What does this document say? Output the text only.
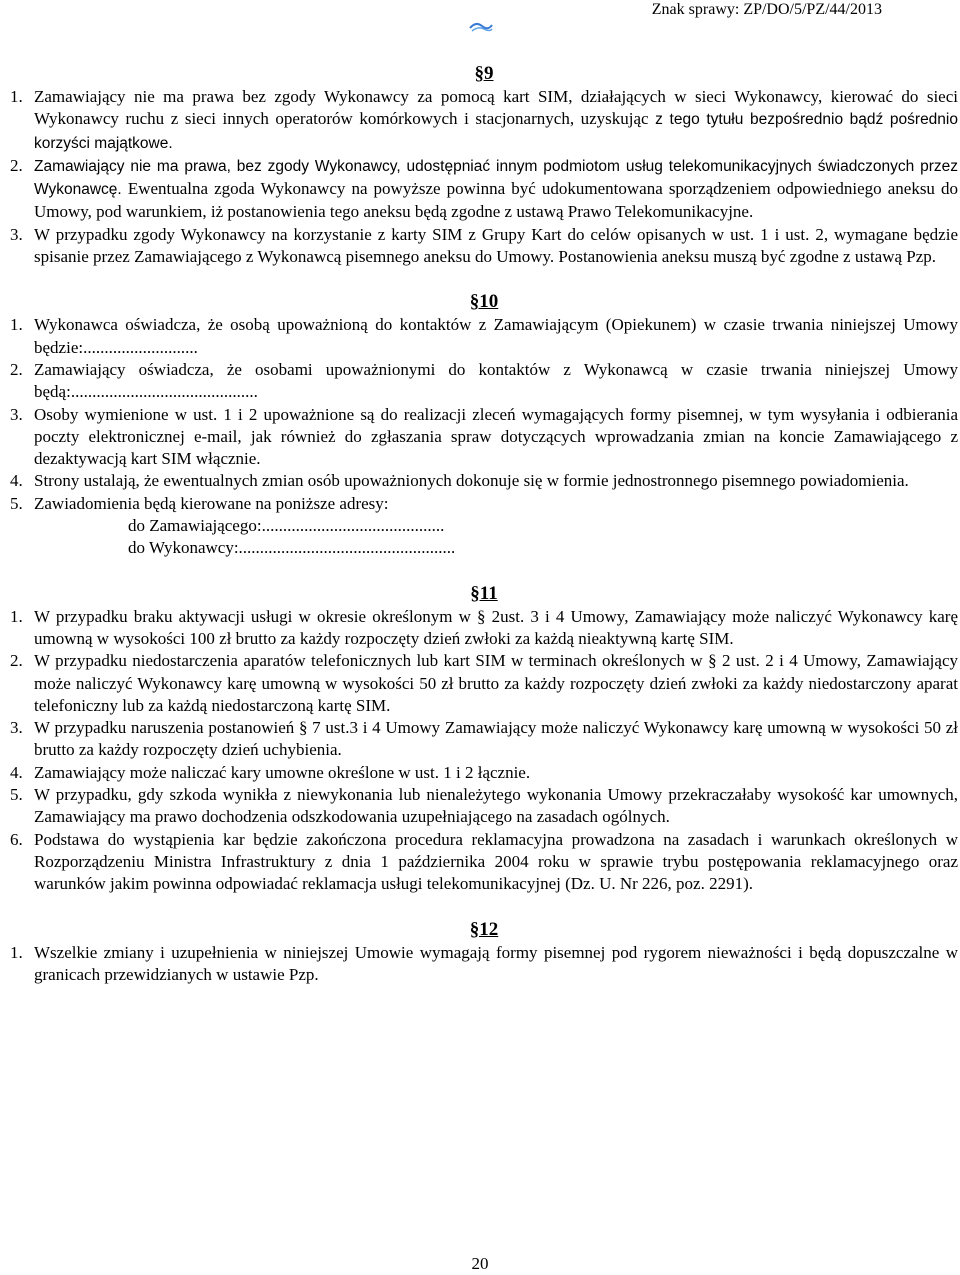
Znak sprawy: ZP/DO/5/PZ/44/2013
§9
1. Zamawiający nie ma prawa bez zgody Wykonawcy za pomocą kart SIM, działających w sieci Wykonawcy, kierować do sieci Wykonawcy ruchu z sieci innych operatorów komórkowych i stacjonarnych, uzyskując z tego tytułu bezpośrednio bądź pośrednio korzyści majątkowe.
2. Zamawiający nie ma prawa, bez zgody Wykonawcy, udostępniać innym podmiotom usług telekomunikacyjnych świadczonych przez Wykonawcę. Ewentualna zgoda Wykonawcy na powyższe powinna być udokumentowana sporządzeniem odpowiedniego aneksu do Umowy, pod warunkiem, iż postanowienia tego aneksu będą zgodne z ustawą Prawo Telekomunikacyjne.
3. W przypadku zgody Wykonawcy na korzystanie z karty SIM z Grupy Kart do celów opisanych w ust. 1 i ust. 2, wymagane będzie spisanie przez Zamawiającego z Wykonawcą pisemnego aneksu do Umowy. Postanowienia aneksu muszą być zgodne z ustawą Pzp.
§10
1. Wykonawca oświadcza, że osobą upoważnioną do kontaktów z Zamawiającym (Opiekunem) w czasie trwania niniejszej Umowy będzie:...........................
2. Zamawiający oświadcza, że osobami upoważnionymi do kontaktów z Wykonawcą w czasie trwania niniejszej Umowy będą:............................................
3. Osoby wymienione w ust. 1 i 2 upoważnione są do realizacji zleceń wymagających formy pisemnej, w tym wysyłania i odbierania poczty elektronicznej e-mail, jak również do zgłaszania spraw dotyczących wprowadzania zmian na koncie Zamawiającego z dezaktywacją kart SIM włącznie.
4. Strony ustalają, że ewentualnych zmian osób upoważnionych dokonuje się w formie jednostronnego pisemnego powiadomienia.
5. Zawiadomienia będą kierowane na poniższe adresy:
do Zamawiającego:...........................................
do Wykonawcy:...................................................
§11
1. W przypadku braku aktywacji usługi w okresie określonym w § 2ust. 3 i 4 Umowy, Zamawiający może naliczyć Wykonawcy karę umowną w wysokości 100 zł brutto za każdy rozpoczęty dzień zwłoki za każdą nieaktywną kartę SIM.
2. W przypadku niedostarczenia aparatów telefonicznych lub kart SIM w terminach określonych w § 2 ust. 2 i 4 Umowy, Zamawiający może naliczyć Wykonawcy karę umowną w wysokości 50 zł brutto za każdy rozpoczęty dzień zwłoki za każdy niedostarczony aparat telefoniczny lub za każdą niedostarczoną kartę SIM.
3. W przypadku naruszenia postanowień § 7 ust.3 i 4 Umowy Zamawiający może naliczyć Wykonawcy karę umowną w wysokości 50 zł brutto za każdy rozpoczęty dzień uchybienia.
4. Zamawiający może naliczać kary umowne określone w ust. 1 i 2 łącznie.
5. W przypadku, gdy szkoda wynikła z niewykonania lub nienależytego wykonania Umowy przekraczałaby wysokość kar umownych, Zamawiający ma prawo dochodzenia odszkodowania uzupełniającego na zasadach ogólnych.
6. Podstawa do wystąpienia kar będzie zakończona procedura reklamacyjna prowadzona na zasadach i warunkach określonych w Rozporządzeniu Ministra Infrastruktury z dnia 1 października 2004 roku w sprawie trybu postępowania reklamacyjnego oraz warunków jakim powinna odpowiadać reklamacja usługi telekomunikacyjnej (Dz. U. Nr 226, poz. 2291).
§12
1. Wszelkie zmiany i uzupełnienia w niniejszej Umowie wymagają formy pisemnej pod rygorem nieważności i będą dopuszczalne w granicach przewidzianych w ustawie Pzp.
20
